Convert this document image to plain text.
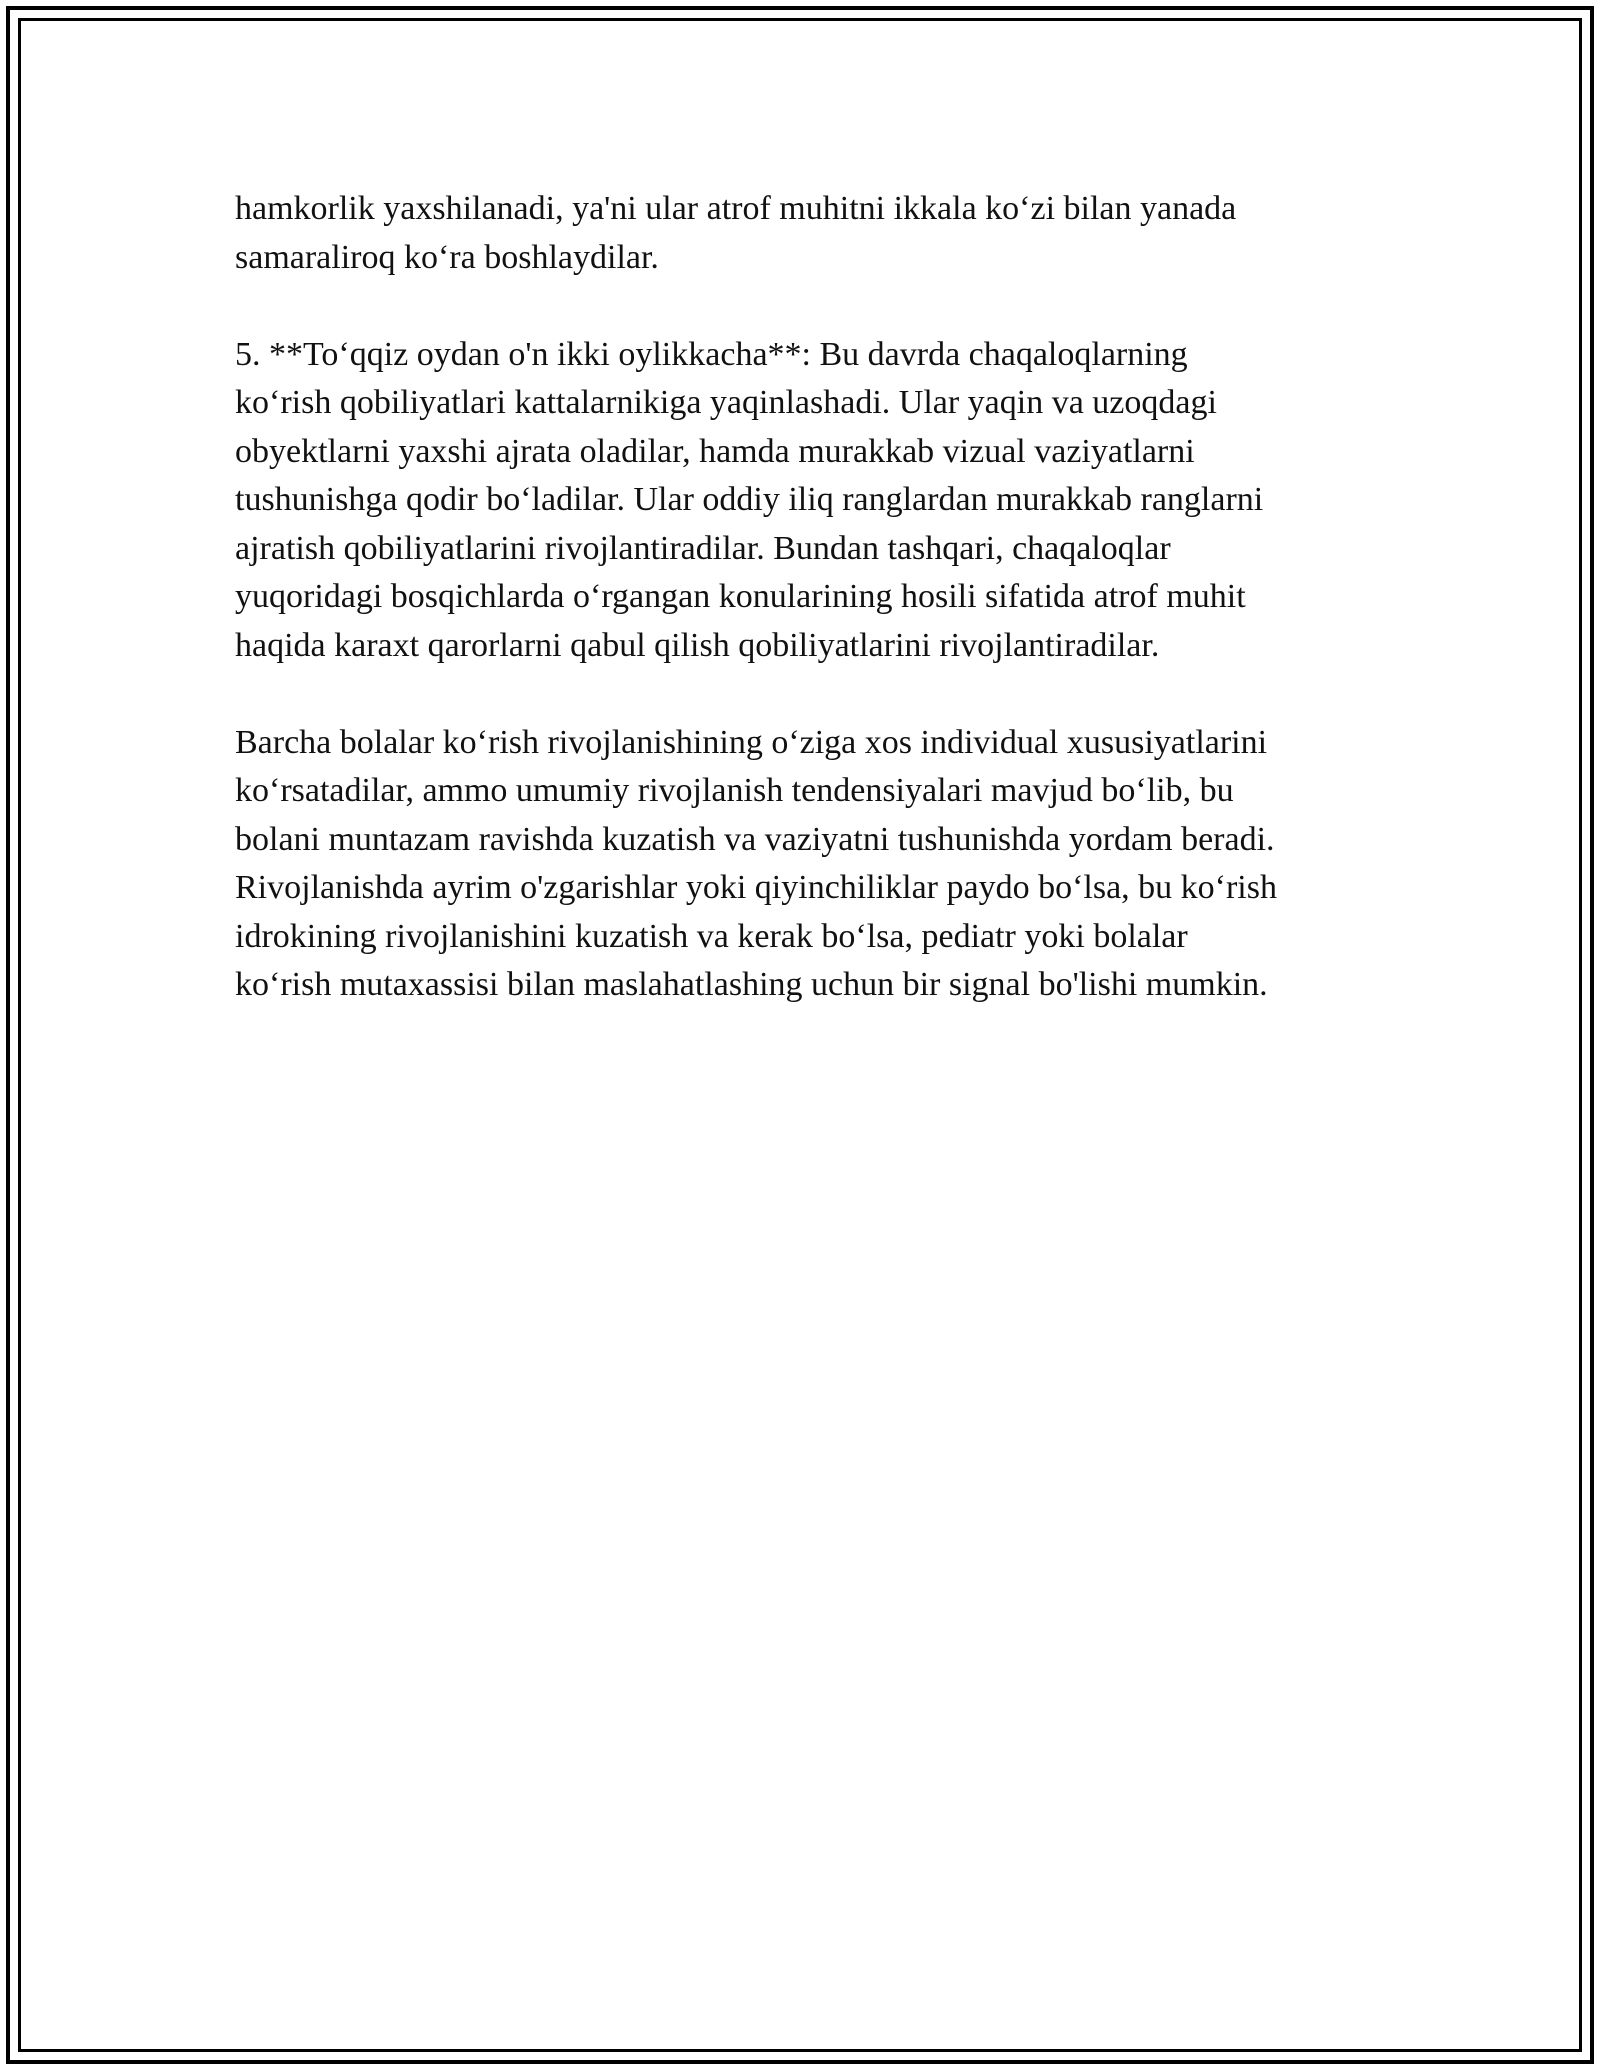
hamkorlik yaxshilanadi, ya'ni ular atrof muhitni ikkala ko‘zi bilan yanada
samaraliroq ko‘ra boshlaydilar.

5. **To‘qqiz oydan o'n ikki oylikkacha**: Bu davrda chaqaloqlarning
ko‘rish qobiliyatlari kattalarnikiga yaqinlashadi. Ular yaqin va uzoqdagi
obyektlarni yaxshi ajrata oladilar, hamda murakkab vizual vaziyatlarni
tushunishga qodir bo‘ladilar. Ular oddiy iliq ranglardan murakkab ranglarni
ajratish qobiliyatlarini rivojlantiradilar. Bundan tashqari, chaqaloqlar
yuqoridagi bosqichlarda o‘rgangan konularining hosili sifatida atrof muhit
haqida karaxt qarorlarni qabul qilish qobiliyatlarini rivojlantiradilar.

Barcha bolalar ko‘rish rivojlanishining o‘ziga xos individual xususiyatlarini
ko‘rsatadilar, ammo umumiy rivojlanish tendensiyalari mavjud bo‘lib, bu
bolani muntazam ravishda kuzatish va vaziyatni tushunishda yordam beradi.
Rivojlanishda ayrim o'zgarishlar yoki qiyinchiliklar paydo bo‘lsa, bu ko‘rish
idrokining rivojlanishini kuzatish va kerak bo‘lsa, pediatr yoki bolalar
ko‘rish mutaxassisi bilan maslahatlashing uchun bir signal bo'lishi mumkin.
